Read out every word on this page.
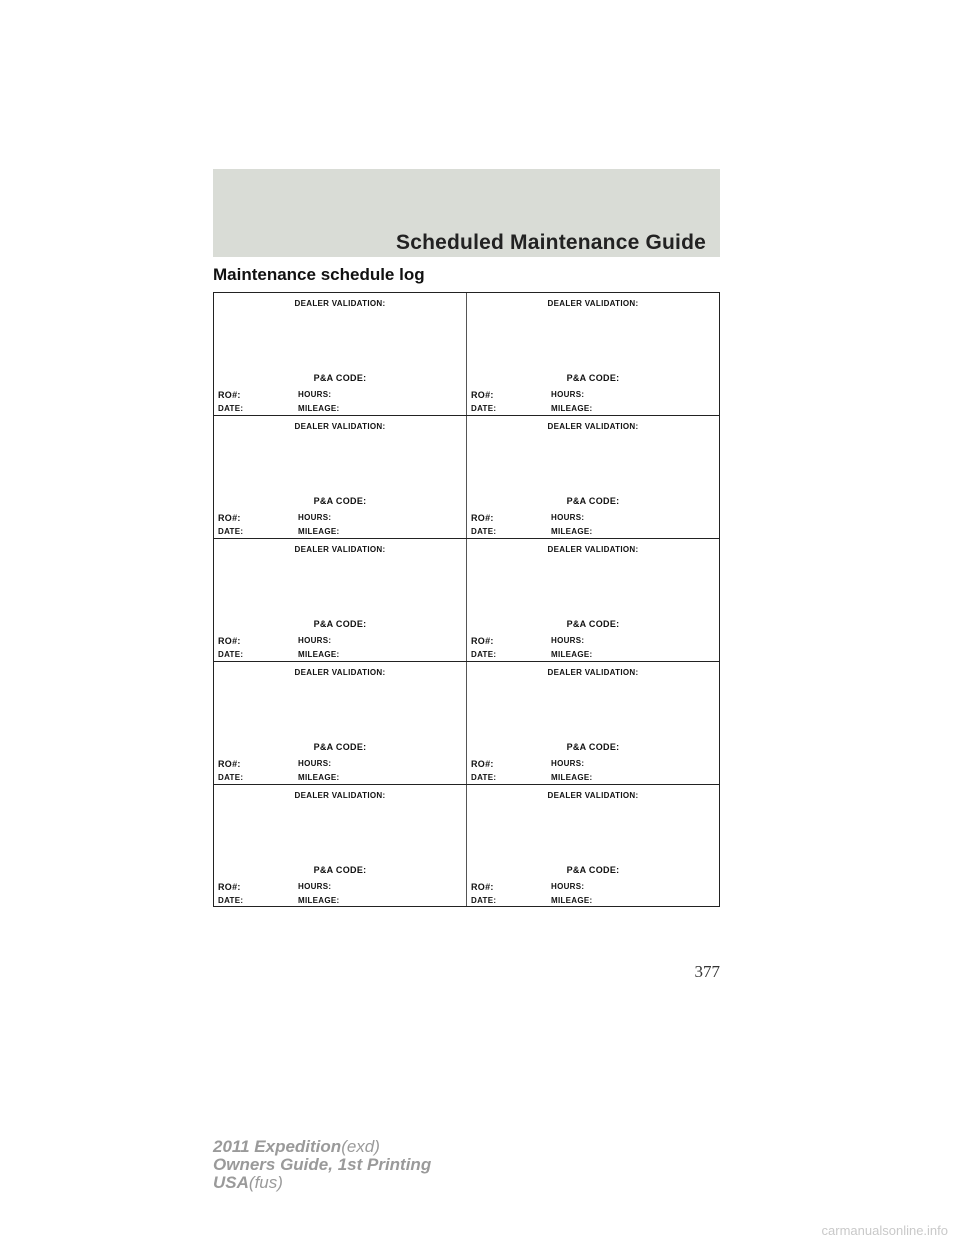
Scheduled Maintenance Guide
Maintenance schedule log
DEALER VALIDATION:
P&A CODE:
RO#:	HOURS:
DATE:	MILEAGE:
DEALER VALIDATION:
P&A CODE:
RO#:	HOURS:
DATE:	MILEAGE:
DEALER VALIDATION:
P&A CODE:
RO#:	HOURS:
DATE:	MILEAGE:
DEALER VALIDATION:
P&A CODE:
RO#:	HOURS:
DATE:	MILEAGE:
DEALER VALIDATION:
P&A CODE:
RO#:	HOURS:
DATE:	MILEAGE:
DEALER VALIDATION:
P&A CODE:
RO#:	HOURS:
DATE:	MILEAGE:
DEALER VALIDATION:
P&A CODE:
RO#:	HOURS:
DATE:	MILEAGE:
DEALER VALIDATION:
P&A CODE:
RO#:	HOURS:
DATE:	MILEAGE:
DEALER VALIDATION:
P&A CODE:
RO#:	HOURS:
DATE:	MILEAGE:
DEALER VALIDATION:
P&A CODE:
RO#:	HOURS:
DATE:	MILEAGE:
377
2011 Expedition(exd)
Owners Guide, 1st Printing
USA(fus)
carmanualsonline.info
